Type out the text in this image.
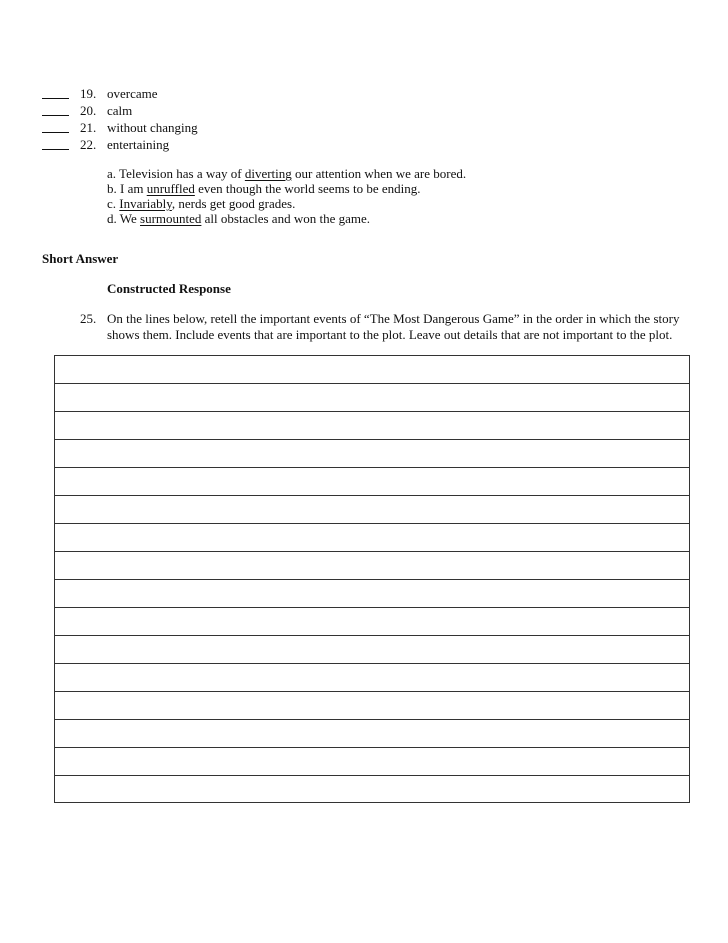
19. overcame
20. calm
21. without changing
22. entertaining
a. Television has a way of diverting our attention when we are bored.
b. I am unruffled even though the world seems to be ending.
c. Invariably, nerds get good grades.
d. We surmounted all obstacles and won the game.
Short Answer
Constructed Response
25. On the lines below, retell the important events of “The Most Dangerous Game” in the order in which the story
shows them. Include events that are important to the plot. Leave out details that are not important to the plot.
